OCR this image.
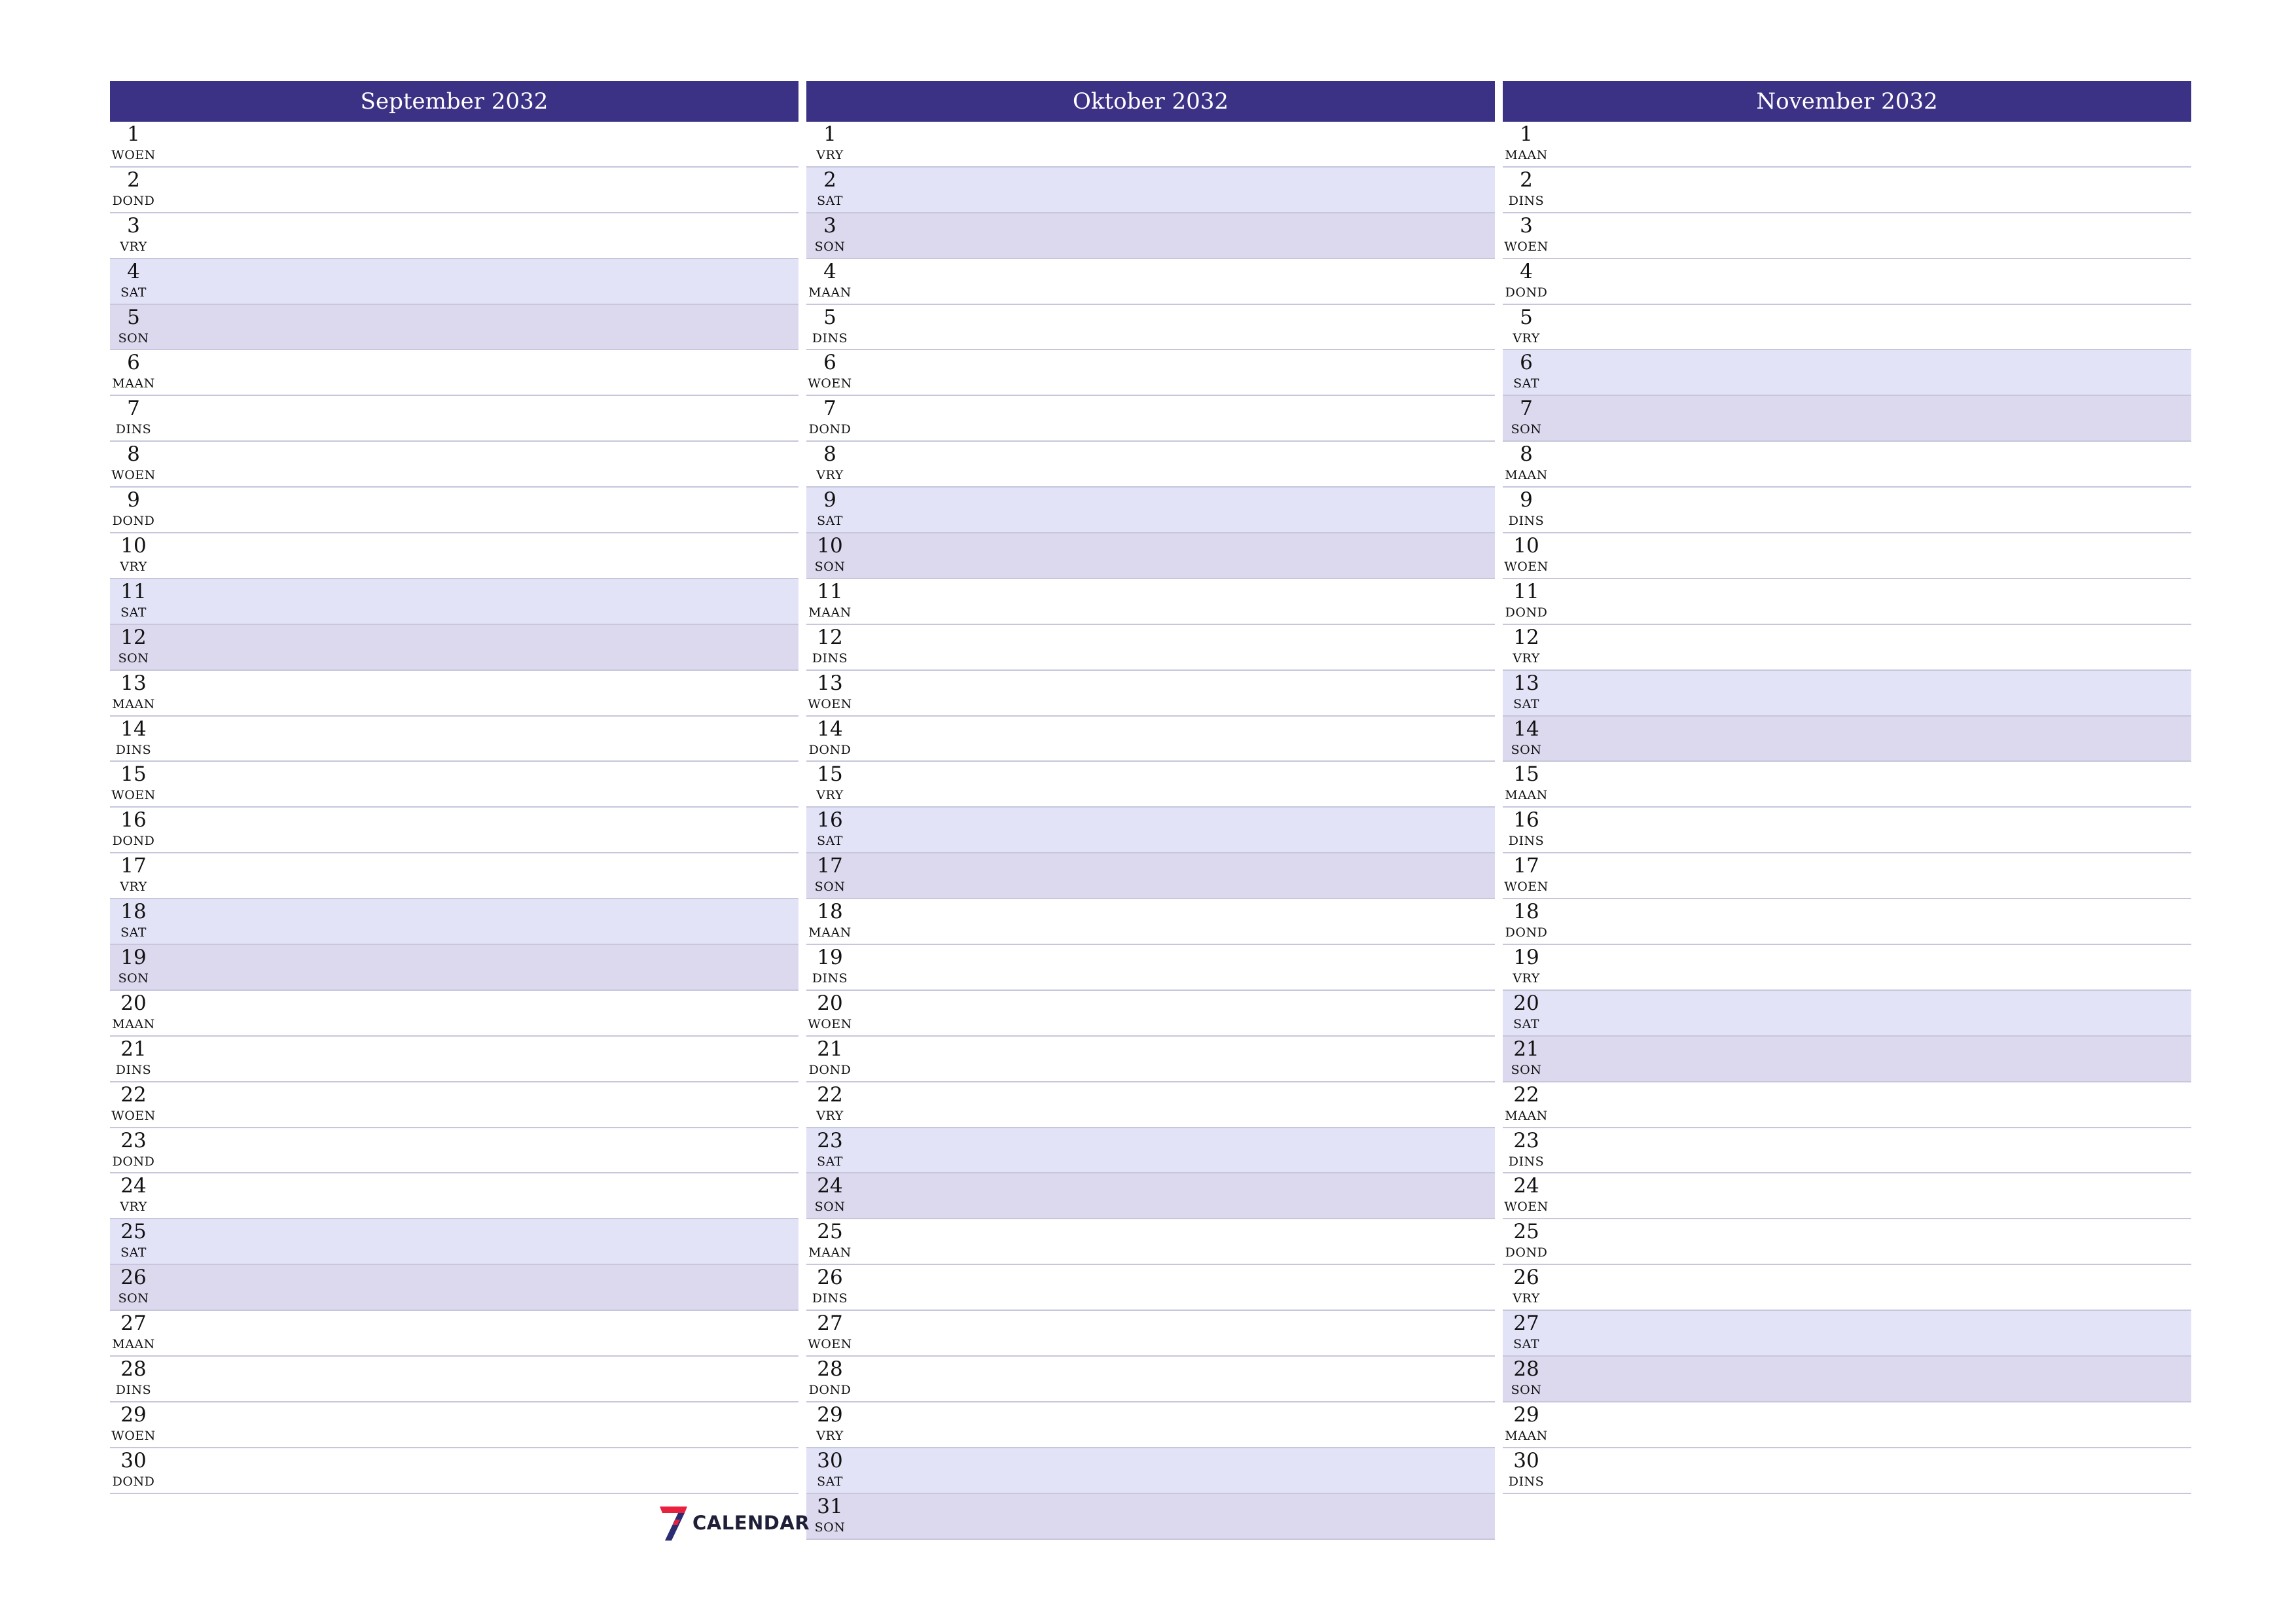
September 2032
1
WOEN
2
DOND
3
VRY
4
SAT
5
SON
6
MAAN
7
DINS
8
WOEN
9
DOND
10
VRY
11
SAT
12
SON
13
MAAN
14
DINS
15
WOEN
16
DOND
17
VRY
18
SAT
19
SON
20
MAAN
21
DINS
22
WOEN
23
DOND
24
VRY
25
SAT
26
SON
27
MAAN
28
DINS
29
WOEN
30
DOND
Oktober 2032
1
VRY
2
SAT
3
SON
4
MAAN
5
DINS
6
WOEN
7
DOND
8
VRY
9
SAT
10
SON
11
MAAN
12
DINS
13
WOEN
14
DOND
15
VRY
16
SAT
17
SON
18
MAAN
19
DINS
20
WOEN
21
DOND
22
VRY
23
SAT
24
SON
25
MAAN
26
DINS
27
WOEN
28
DOND
29
VRY
30
SAT
31
SON
November 2032
1
MAAN
2
DINS
3
WOEN
4
DOND
5
VRY
6
SAT
7
SON
8
MAAN
9
DINS
10
WOEN
11
DOND
12
VRY
13
SAT
14
SON
15
MAAN
16
DINS
17
WOEN
18
DOND
19
VRY
20
SAT
21
SON
22
MAAN
23
DINS
24
WOEN
25
DOND
26
VRY
27
SAT
28
SON
29
MAAN
30
DINS
CALENDAR
